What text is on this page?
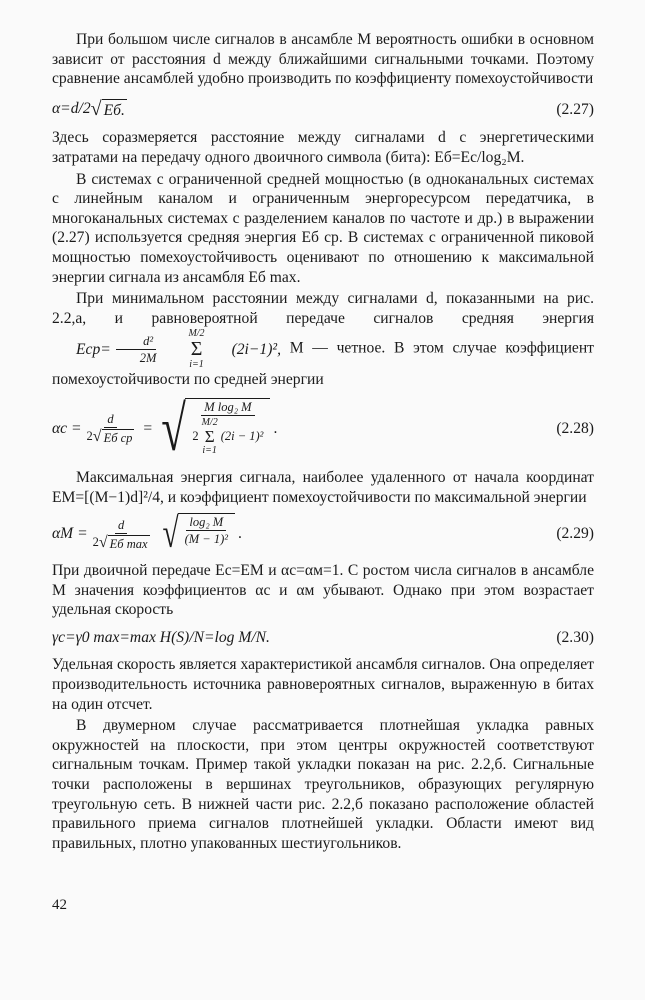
При большом числе сигналов в ансамбле M вероятность ошибки в основном зависит от расстояния d между ближайшими сигнальными точками. Поэтому сравнение ансамблей удобно производить по коэффициенту помехоустойчивости

α=d/2 √ Eб.	(2.27)

Здесь соразмеряется расстояние между сигналами d с энергетическими затратами на передачу одного двоичного символа (бита): Eб=Ec/log₂M.

В системах с ограниченной средней мощностью (в одноканальных системах с линейным каналом и ограниченным энергоресурсом передатчика, в многоканальных системах с разделением каналов по частоте и др.) в выражении (2.27) используется средняя энергия Eб ср. В системах с ограниченной пиковой мощностью помехоустойчивость оценивают по отношению к максимальной энергии сигнала из ансамбля Eб max.

При минимальном расстоянии между сигналами d, показанными на рис. 2.2,а, и равновероятной передаче сигналов средняя энергия
$Eср= \frac{\text{d²}}{2M}$	M/2
Σ
i=1
(2i−1)², M — четное. В этом случае коэффициент помехоустойчивости по средней энергии

$\alpha c = \frac{d}{\text{2 √ Eб ср}}$ = √ M log₂ M
2
M/2
Σ
i=1
(2i − 1)² .	(2.28)

Максимальная энергия сигнала, наиболее удаленного от начала координат EM=[(M−1)d]²/4, и коэффициент помехоустойчивости по максимальной энергии

$\alpha M = \frac{d}{\text{2 √ Eб max}}$ √ $\frac{\text{log₂ M}}{\text{(M − 1)²}}$ .	(2.29)

При двоичной передаче Ec=EM и αc=αм=1. С ростом числа сигналов в ансамбле M значения коэффициентов αc и αм убывают. Однако при этом возрастает удельная скорость

γc=γ0 max=max H(S)/N=log M/N.	(2.30)

Удельная скорость является характеристикой ансамбля сигналов. Она определяет производительность источника равновероятных сигналов, выраженную в битах на один отсчет.

В двумерном случае рассматривается плотнейшая укладка равных окружностей на плоскости, при этом центры окружностей соответствуют сигнальным точкам. Пример такой укладки показан на рис. 2.2,б. Сигнальные точки расположены в вершинах треугольников, образующих регулярную треугольную сеть. В нижней части рис. 2.2,б показано расположение областей правильного приема сигналов плотнейшей укладки. Области имеют вид правильных, плотно упакованных шестиугольников.

42
